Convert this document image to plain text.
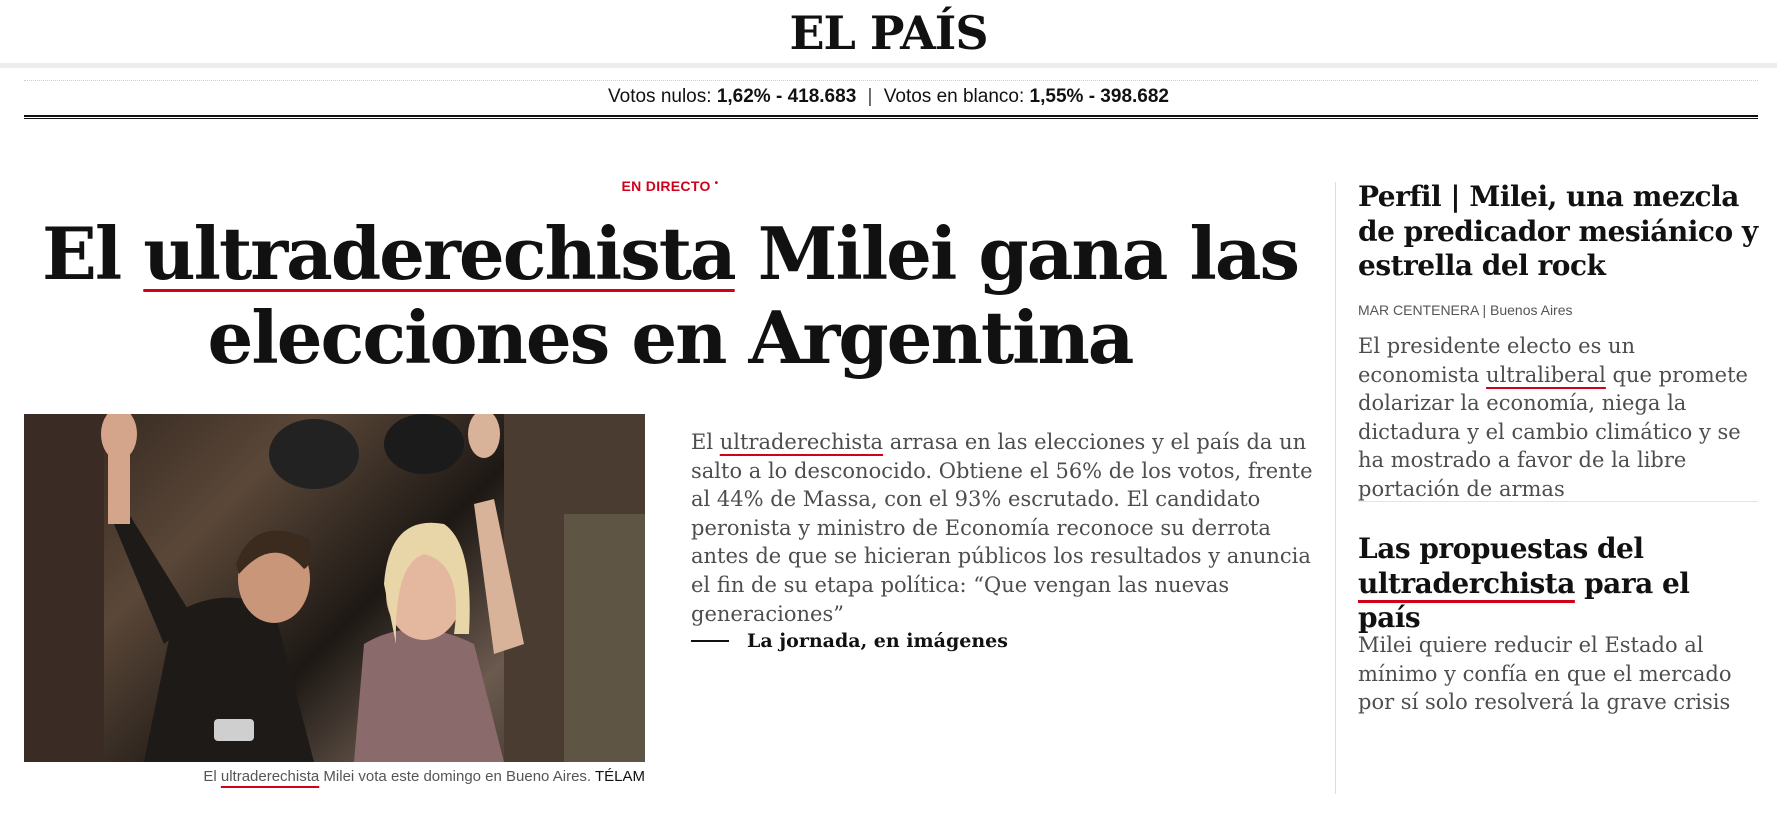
EL PAÍS
Votos nulos: 1,62% - 418.683 | Votos en blanco: 1,55% - 398.682
EN DIRECTO •
El ultraderechista Milei gana las
elecciones en Argentina
El ultraderechista Milei vota este domingo en Bueno Aires. TÉLAM

El ultraderechista arrasa en las elecciones y el país da un salto a lo desconocido. Obtiene el 56% de los votos, frente al 44% de Massa, con el 93% escrutado. El candidato peronista y ministro de Economía reconoce su derrota antes de que se hicieran públicos los resultados y anuncia el fin de su etapa política: “Que vengan las nuevas generaciones”

La jornada, en imágenes
Perfil | Milei, una mezcla de predicador mesiánico y estrella del rock
MAR CENTENERA | Buenos Aires

El presidente electo es un economista ultraliberal que promete dolarizar la economía, niega la dictadura y el cambio climático y se ha mostrado a favor de la libre portación de armas

Las propuestas del ultraderchista para el país

Milei quiere reducir el Estado al mínimo y confía en que el mercado por sí solo resolverá la grave crisis
